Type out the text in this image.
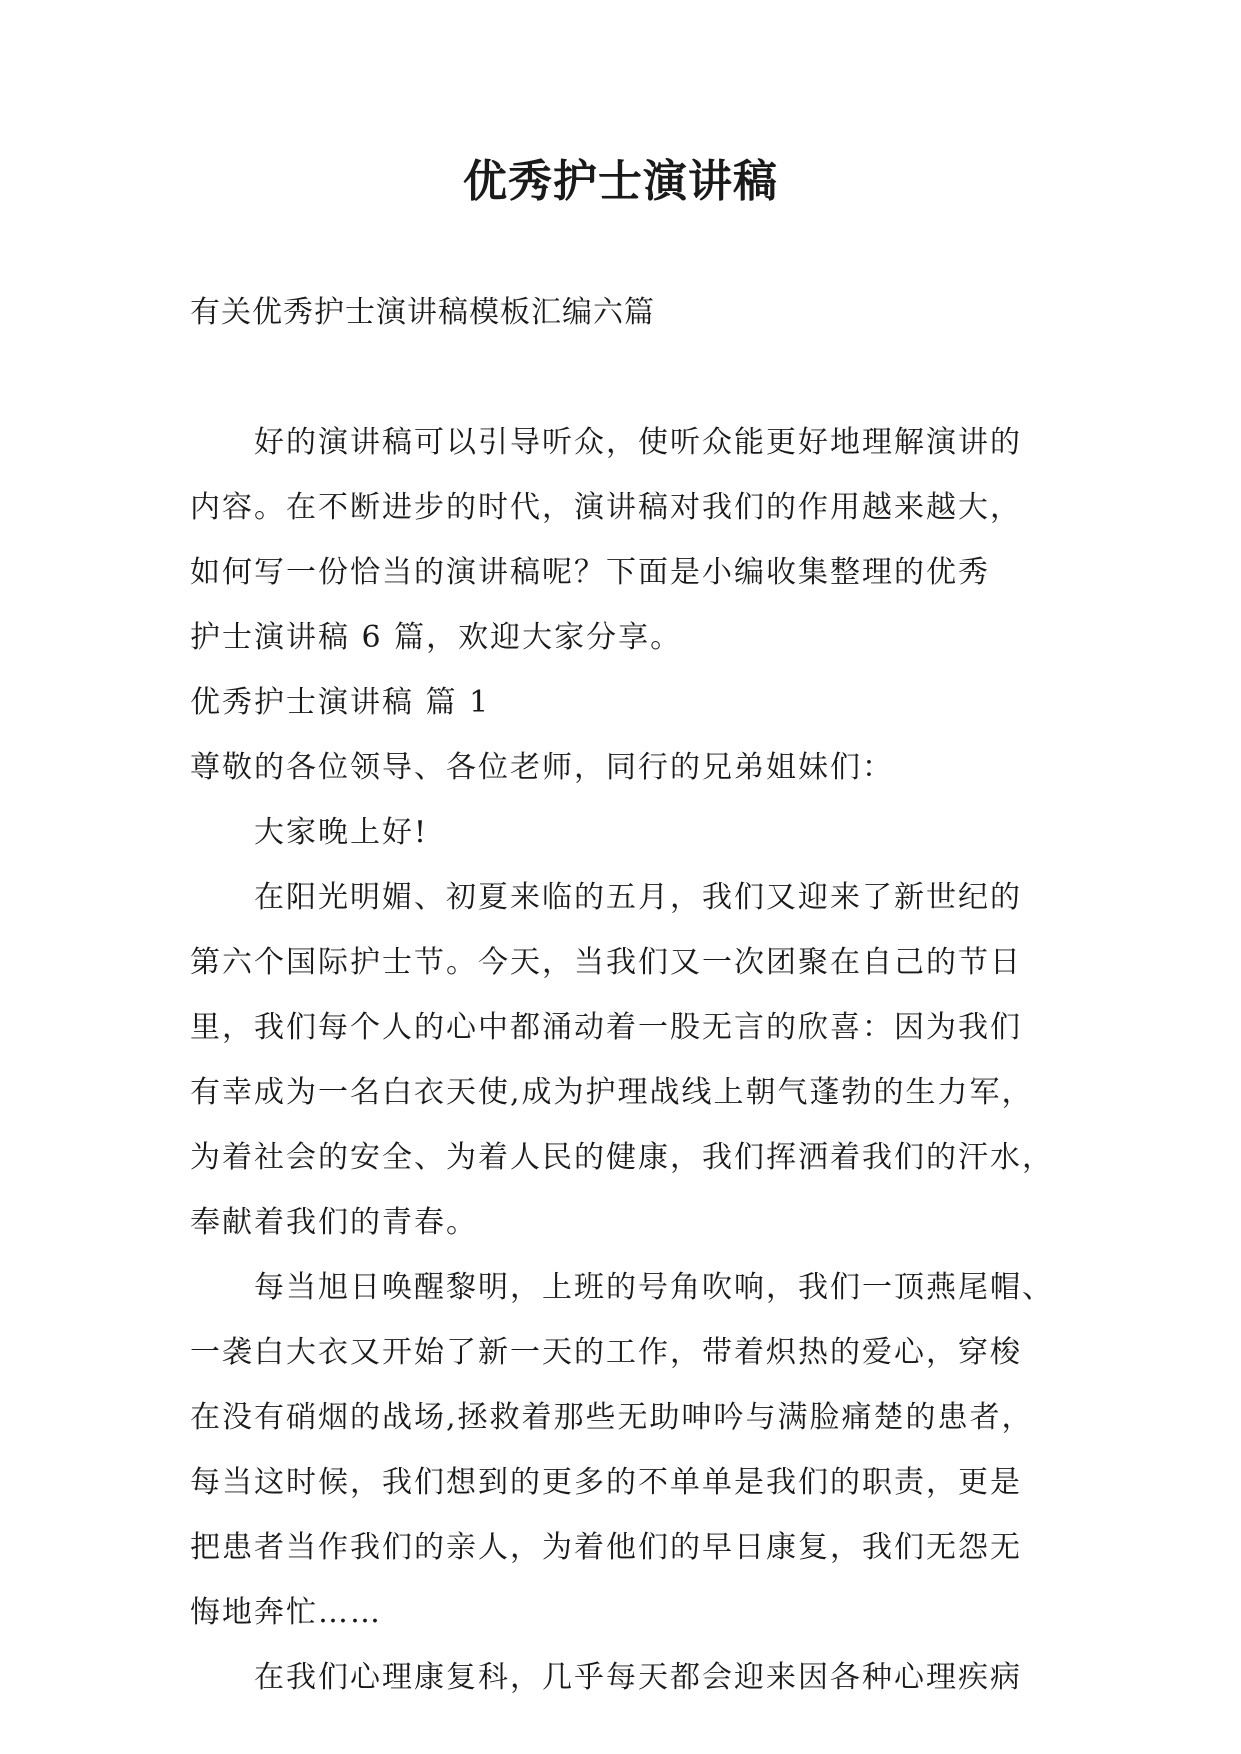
优秀护士演讲稿
有关优秀护士演讲稿模板汇编六篇
好的演讲稿可以引导听众，使听众能更好地理解演讲的
内容。在不断进步的时代，演讲稿对我们的作用越来越大，
如何写一份恰当的演讲稿呢？下面是小编收集整理的优秀
护士演讲稿 6 篇，欢迎大家分享。
优秀护士演讲稿 篇 1
尊敬的各位领导、各位老师，同行的兄弟姐妹们：
大家晚上好!
在阳光明媚、初夏来临的五月，我们又迎来了新世纪的
第六个国际护士节。今天，当我们又一次团聚在自己的节日
里，我们每个人的心中都涌动着一股无言的欣喜：因为我们
有幸成为一名白衣天使,成为护理战线上朝气蓬勃的生力军，
为着社会的安全、为着人民的健康，我们挥洒着我们的汗水，
奉献着我们的青春。
每当旭日唤醒黎明，上班的号角吹响，我们一顶燕尾帽、
一袭白大衣又开始了新一天的工作，带着炽热的爱心，穿梭
在没有硝烟的战场,拯救着那些无助呻吟与满脸痛楚的患者，
每当这时候，我们想到的更多的不单单是我们的职责，更是
把患者当作我们的亲人，为着他们的早日康复，我们无怨无
悔地奔忙……
在我们心理康复科，几乎每天都会迎来因各种心理疾病
